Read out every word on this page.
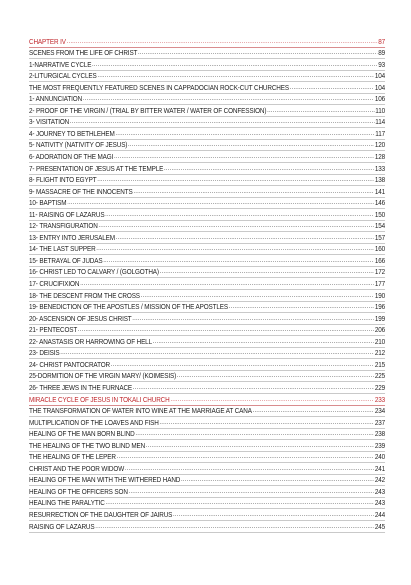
CHAPTER IV .....	87
SCENES FROM THE LIFE OF CHRIST .....	89
1-NARRATIVE CYCLE .....	93
2-LITURGICAL CYCLES .....	104
THE MOST FREQUENTLY FEATURED SCENES IN CAPPADOCIAN ROCK-CUT CHURCHES .....	104
1- ANNUNCIATION .....	106
2- PROOF OF THE VIRGIN / (TRIAL BY BITTER WATER / WATER OF CONFESSION) .....	110
3- VISITATION .....	114
4- JOURNEY TO BETHLEHEM .....	117
5- NATIVITY (NATIVITY OF JESUS) .....	120
6- ADORATION OF THE MAGI .....	128
7- PRESENTATION OF JESUS AT THE TEMPLE .....	133
8- FLIGHT INTO EGYPT .....	138
9- MASSACRE OF THE INNOCENTS .....	141
10- BAPTISM .....	146
11- RAISING OF LAZARUS .....	150
12- TRANSFIGURATION .....	154
13- ENTRY INTO JERUSALEM .....	157
14- THE LAST SUPPER .....	160
15- BETRAYAL OF JUDAS .....	166
16- CHRIST LED TO CALVARY / (GOLGOTHA) .....	172
17- CRUCIFIXION .....	177
18- THE DESCENT FROM THE CROSS .....	190
19- BENEDICTION OF THE APOSTLES / MISSION OF THE APOSTLES .....	196
20- ASCENSION OF JESUS CHRIST .....	199
21- PENTECOST .....	206
22- ANASTASIS OR HARROWING OF HELL .....	210
23- DEISIS .....	212
24- CHRIST PANTOCRATOR .....	215
25-DORMITION OF THE VIRGIN MARY/ (KOIMESIS) .....	225
26- THREE JEWS IN THE FURNACE .....	229
MIRACLE CYCLE OF JESUS IN TOKALI CHURCH .....	233
THE TRANSFORMATION OF WATER INTO WINE AT THE MARRIAGE AT CANA .....	234
MULTIPLICATION OF THE LOAVES AND FISH .....	237
HEALING OF THE MAN BORN BLIND .....	238
THE HEALING OF THE TWO BLIND MEN .....	239
THE HEALING OF THE LEPER .....	240
CHRIST AND THE POOR WIDOW .....	241
HEALING OF THE MAN WITH THE WITHERED HAND .....	242
HEALING OF THE OFFICERS SON .....	243
HEALING THE PARALYTIC .....	243
RESURRECTION OF THE DAUGHTER OF JAIRUS .....	244
RAISING OF LAZARUS .....	245
